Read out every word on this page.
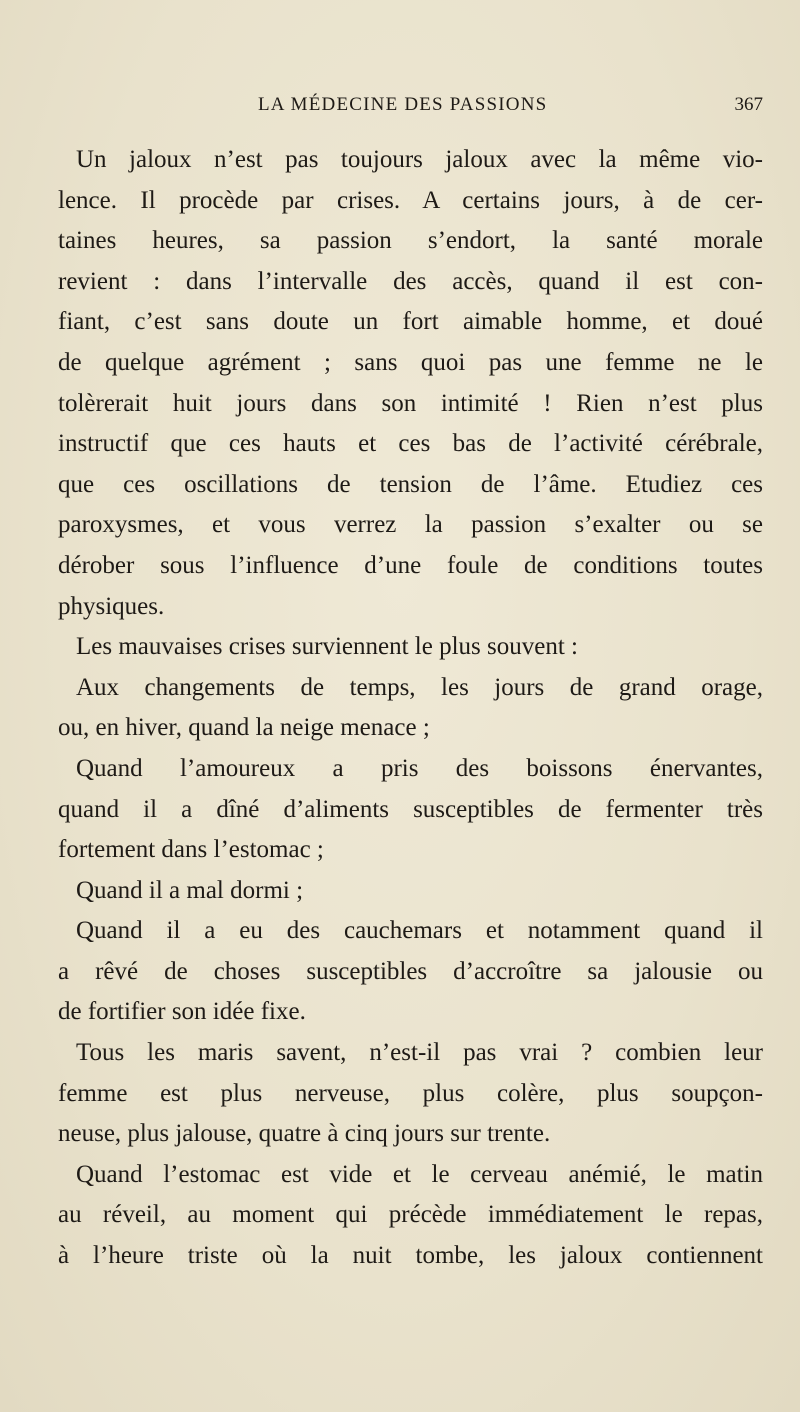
LA MÉDECINE DES PASSIONS	367
Un jaloux n’est pas toujours jaloux avec la même vio-
lence. Il procède par crises. A certains jours, à de cer-
taines heures, sa passion s’endort, la santé morale
revient : dans l’intervalle des accès, quand il est con-
fiant, c’est sans doute un fort aimable homme, et doué
de quelque agrément ; sans quoi pas une femme ne le
tolèrerait huit jours dans son intimité ! Rien n’est plus
instructif que ces hauts et ces bas de l’activité cérébrale,
que ces oscillations de tension de l’âme. Etudiez ces
paroxysmes, et vous verrez la passion s’exalter ou se
dérober sous l’influence d’une foule de conditions toutes
physiques.
Les mauvaises crises surviennent le plus souvent :
Aux changements de temps, les jours de grand orage,
ou, en hiver, quand la neige menace ;
Quand l’amoureux a pris des boissons énervantes,
quand il a dîné d’aliments susceptibles de fermenter très
fortement dans l’estomac ;
Quand il a mal dormi ;
Quand il a eu des cauchemars et notamment quand il
a rêvé de choses susceptibles d’accroître sa jalousie ou
de fortifier son idée fixe.
Tous les maris savent, n’est-il pas vrai ? combien leur
femme est plus nerveuse, plus colère, plus soupçon-
neuse, plus jalouse, quatre à cinq jours sur trente.
Quand l’estomac est vide et le cerveau anémié, le matin
au réveil, au moment qui précède immédiatement le repas,
à l’heure triste où la nuit tombe, les jaloux contiennent
